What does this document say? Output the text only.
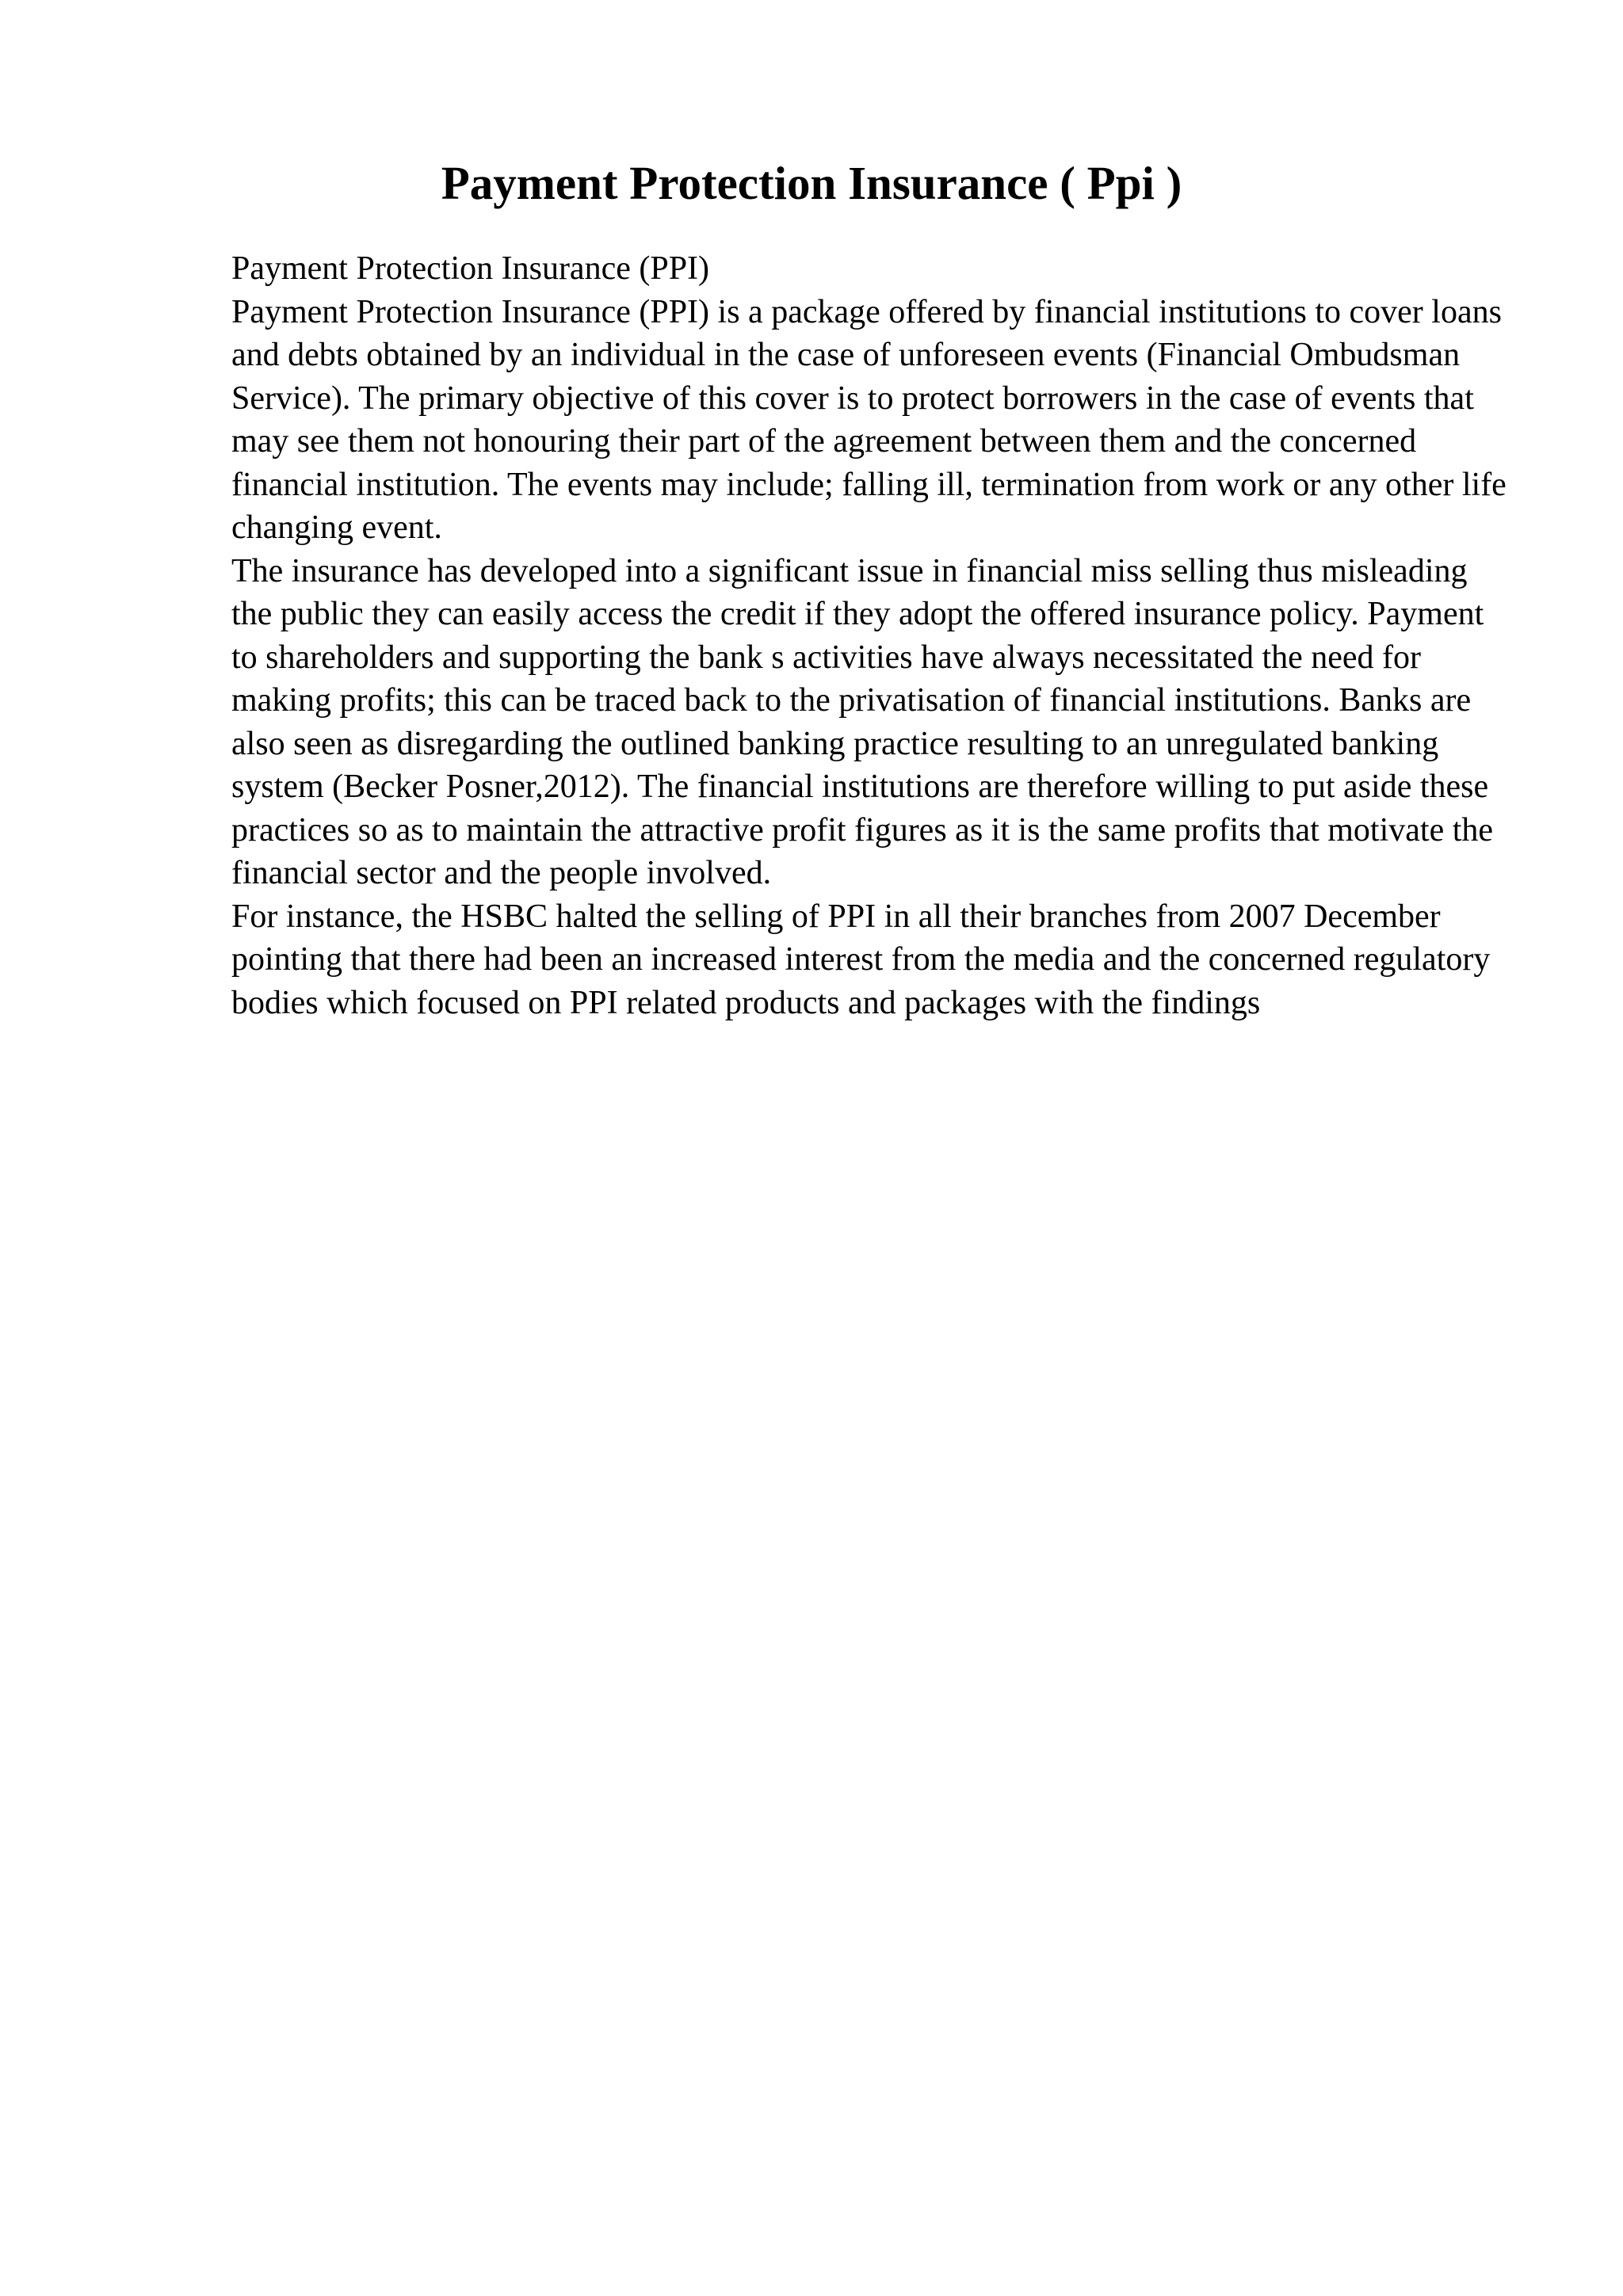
Payment Protection Insurance ( Ppi )

Payment Protection Insurance (PPI)

Payment Protection Insurance (PPI) is a package offered by financial institutions to cover loans and debts obtained by an individual in the case of unforeseen events (Financial Ombudsman Service). The primary objective of this cover is to protect borrowers in the case of events that may see them not honouring their part of the agreement between them and the concerned financial institution. The events may include; falling ill, termination from work or any other life changing event.

The insurance has developed into a significant issue in financial miss selling thus misleading the public they can easily access the credit if they adopt the offered insurance policy. Payment to shareholders and supporting the bank s activities have always necessitated the need for making profits; this can be traced back to the privatisation of financial institutions. Banks are also seen as disregarding the outlined banking practice resulting to an unregulated banking system (Becker Posner,2012). The financial institutions are therefore willing to put aside these practices so as to maintain the attractive profit figures as it is the same profits that motivate the financial sector and the people involved.

For instance, the HSBC halted the selling of PPI in all their branches from 2007 December pointing that there had been an increased interest from the media and the concerned regulatory bodies which focused on PPI related products and packages with the findings
